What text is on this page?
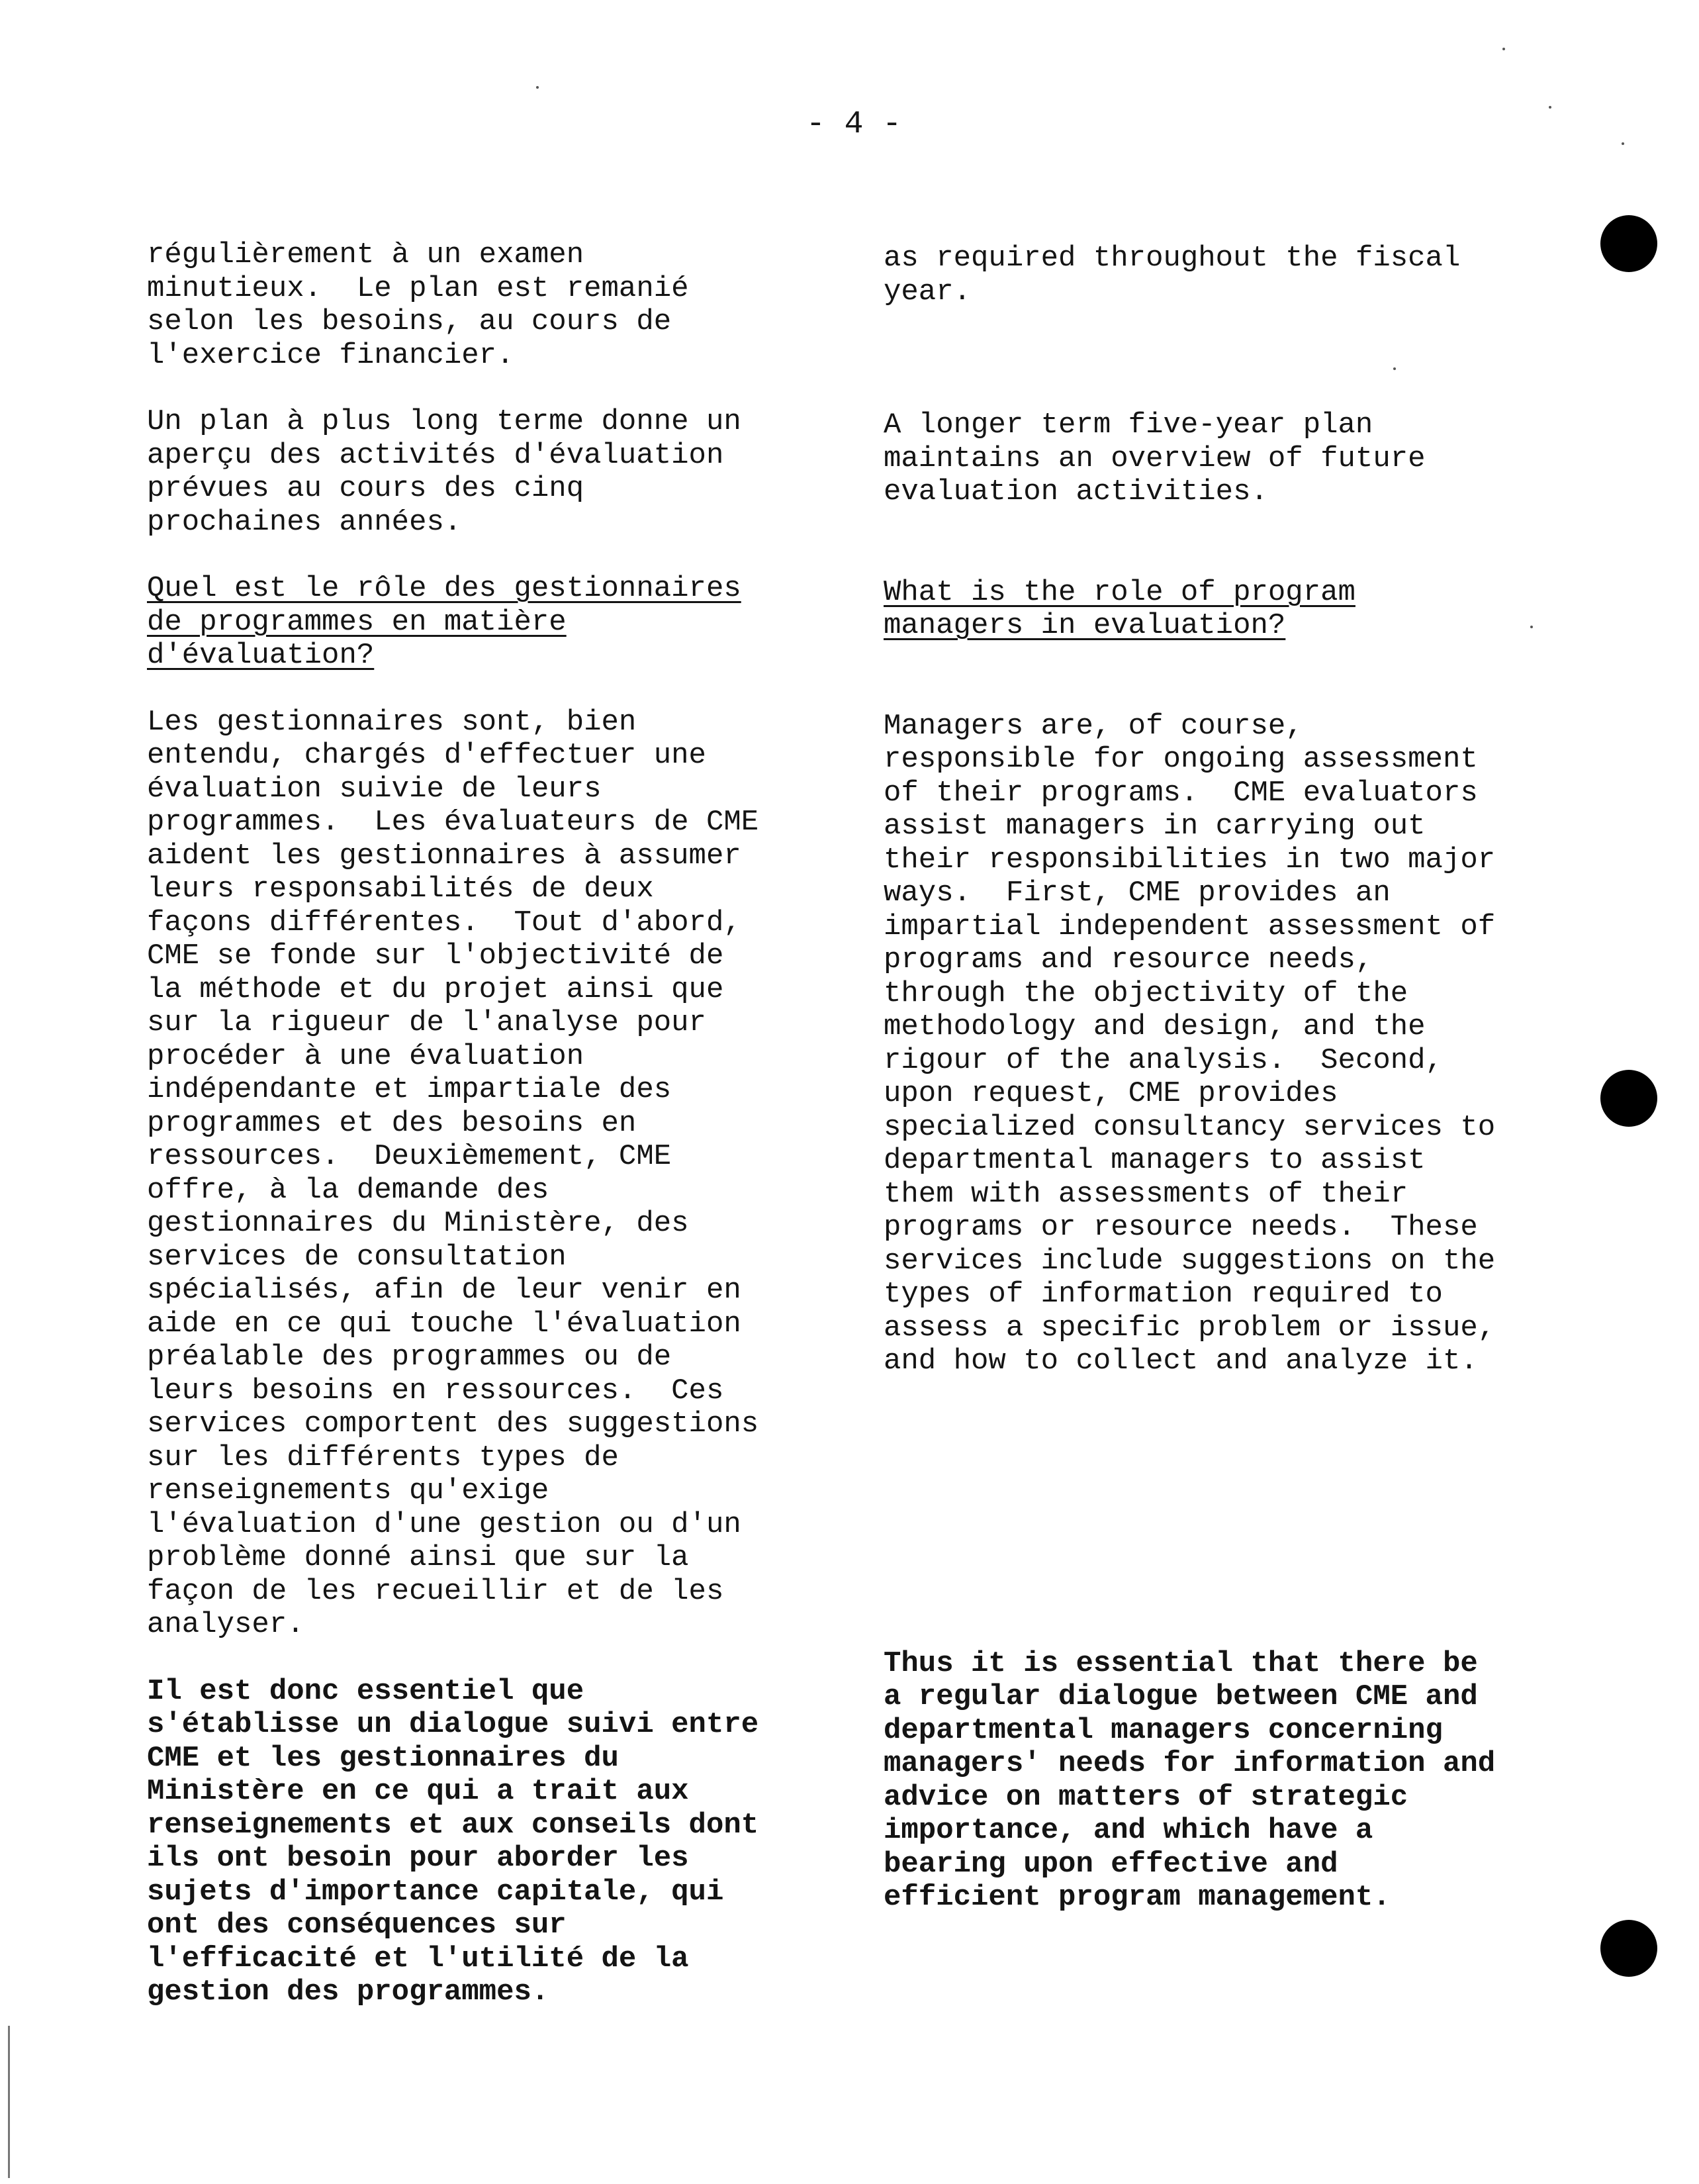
- 4 -

régulièrement à un examen
minutieux.  Le plan est remanié
selon les besoins, au cours de
l'exercice financier.

Un plan à plus long terme donne un
aperçu des activités d'évaluation
prévues au cours des cinq
prochaines années.

Quel est le rôle des gestionnaires
de programmes en matière
d'évaluation?

Les gestionnaires sont, bien
entendu, chargés d'effectuer une
évaluation suivie de leurs
programmes.  Les évaluateurs de CME
aident les gestionnaires à assumer
leurs responsabilités de deux
façons différentes.  Tout d'abord,
CME se fonde sur l'objectivité de
la méthode et du projet ainsi que
sur la rigueur de l'analyse pour
procéder à une évaluation
indépendante et impartiale des
programmes et des besoins en
ressources.  Deuxièmement, CME
offre, à la demande des
gestionnaires du Ministère, des
services de consultation
spécialisés, afin de leur venir en
aide en ce qui touche l'évaluation
préalable des programmes ou de
leurs besoins en ressources.  Ces
services comportent des suggestions
sur les différents types de
renseignements qu'exige
l'évaluation d'une gestion ou d'un
problème donné ainsi que sur la
façon de les recueillir et de les
analyser.

Il est donc essentiel que
s'établisse un dialogue suivi entre
CME et les gestionnaires du
Ministère en ce qui a trait aux
renseignements et aux conseils dont
ils ont besoin pour aborder les
sujets d'importance capitale, qui
ont des conséquences sur
l'efficacité et l'utilité de la
gestion des programmes.

as required throughout the fiscal
year.

A longer term five-year plan
maintains an overview of future
evaluation activities.

What is the role of program
managers in evaluation?

Managers are, of course,
responsible for ongoing assessment
of their programs.  CME evaluators
assist managers in carrying out
their responsibilities in two major
ways.  First, CME provides an
impartial independent assessment of
programs and resource needs,
through the objectivity of the
methodology and design, and the
rigour of the analysis.  Second,
upon request, CME provides
specialized consultancy services to
departmental managers to assist
them with assessments of their
programs or resource needs.  These
services include suggestions on the
types of information required to
assess a specific problem or issue,
and how to collect and analyze it.

Thus it is essential that there be
a regular dialogue between CME and
departmental managers concerning
managers' needs for information and
advice on matters of strategic
importance, and which have a
bearing upon effective and
efficient program management.
